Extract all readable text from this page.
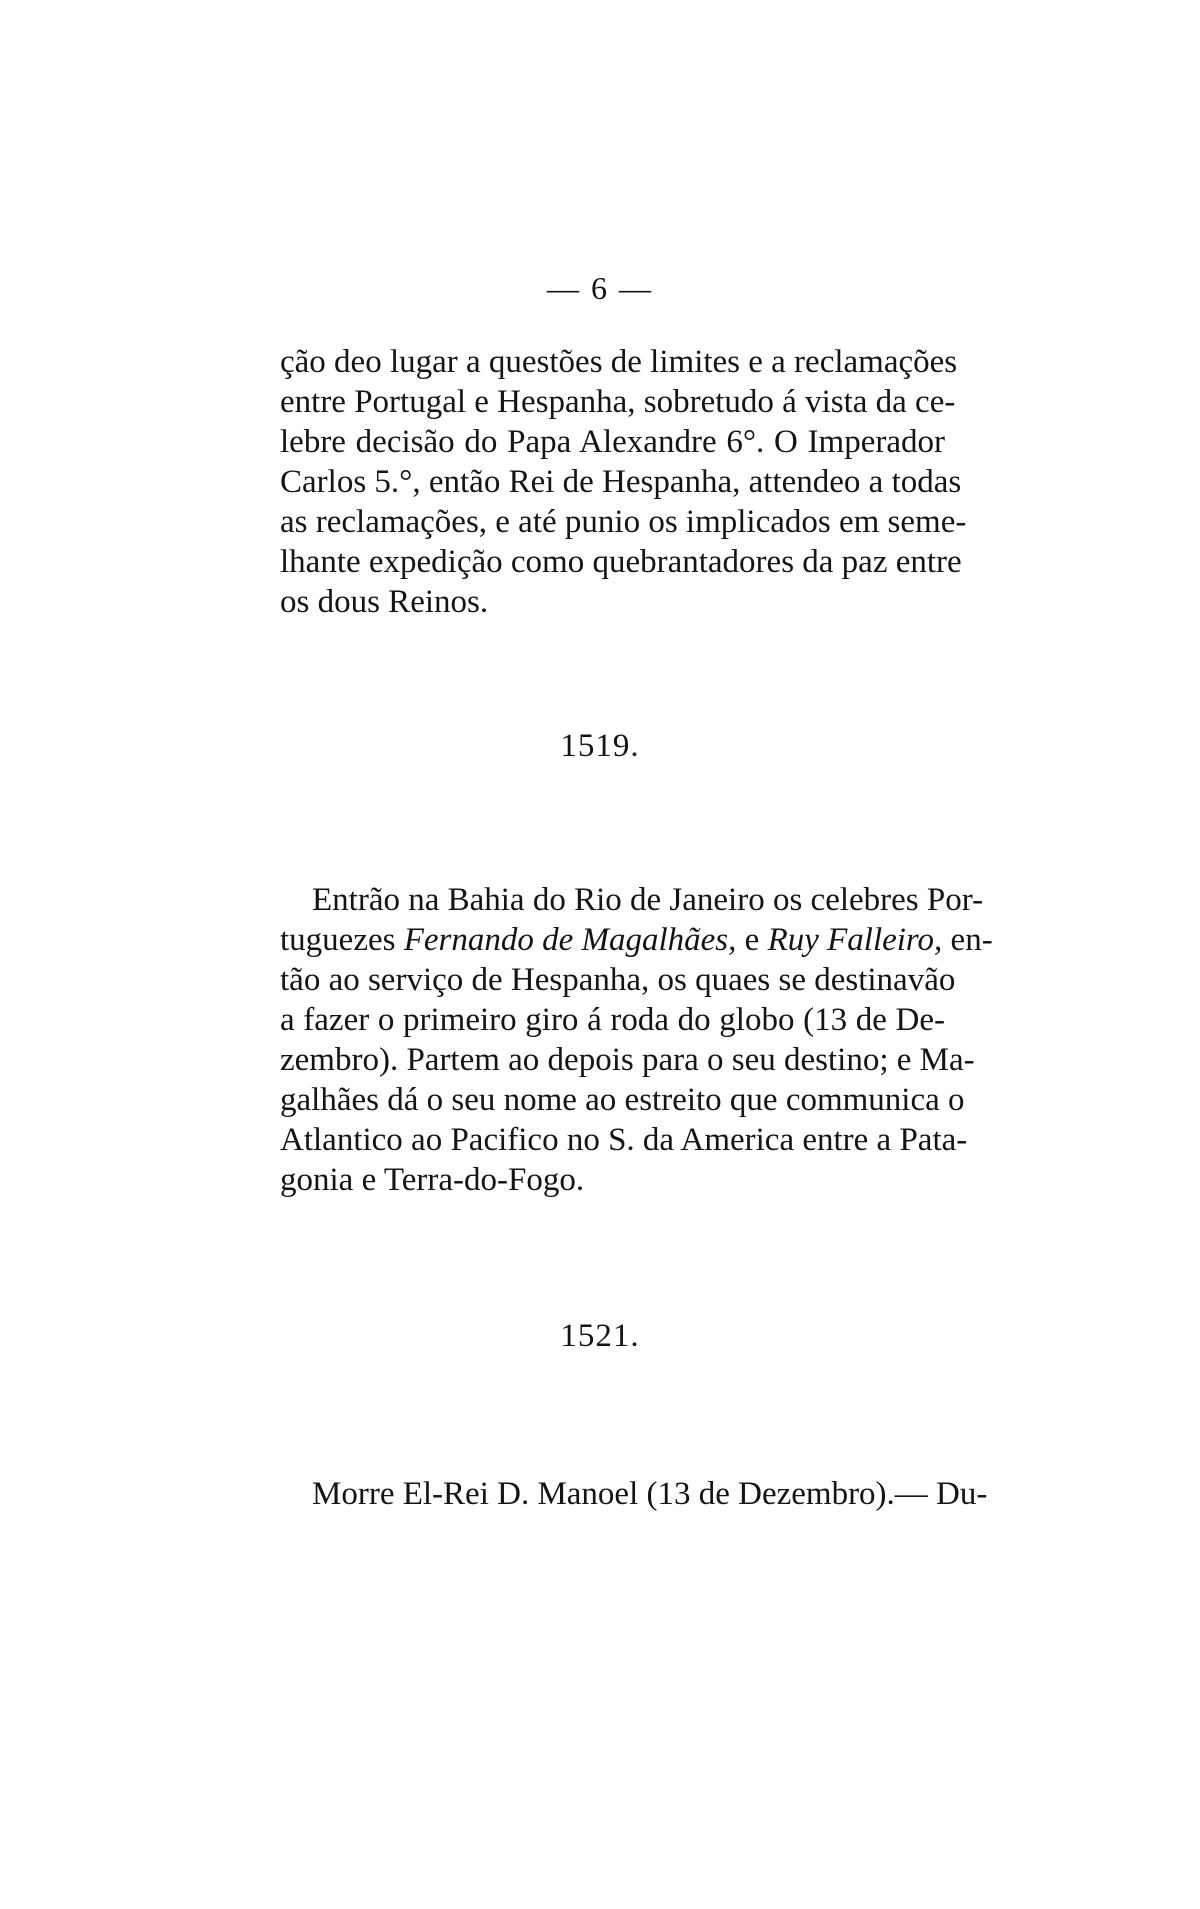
— 6 —
ção deo lugar a questões de limites e a reclamações
entre Portugal e Hespanha, sobretudo á vista da ce-
lebre decisão do Papa Alexandre 6°. O Imperador
Carlos 5.°, então Rei de Hespanha, attendeo a todas
as reclamações, e até punio os implicados em seme-
lhante expedição como quebrantadores da paz entre
os dous Reinos.
1519.
Entrão na Bahia do Rio de Janeiro os celebres Por-
tuguezes Fernando de Magalhães, e Ruy Falleiro, en-
tão ao serviço de Hespanha, os quaes se destinavão
a fazer o primeiro giro á roda do globo (13 de De-
zembro). Partem ao depois para o seu destino; e Ma-
galhães dá o seu nome ao estreito que communica o
Atlantico ao Pacifico no S. da America entre a Pata-
gonia e Terra-do-Fogo.
1521.
Morre El-Rei D. Manoel (13 de Dezembro).— Du-
